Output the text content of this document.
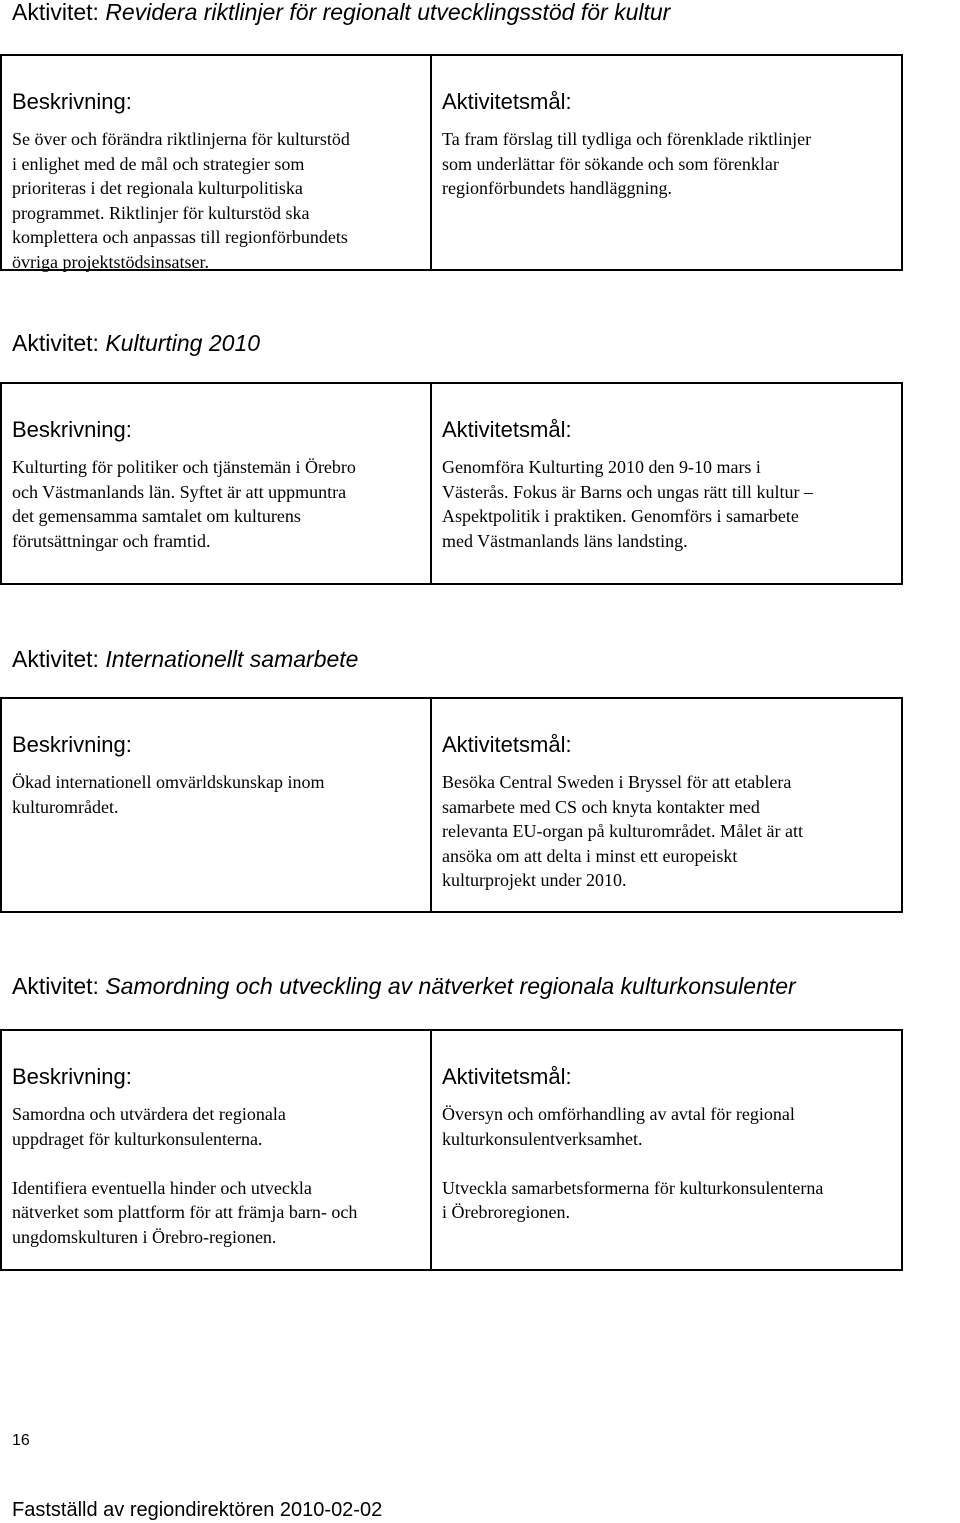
Aktivitet: Revidera riktlinjer för regionalt utvecklingsstöd för kultur
Beskrivning:

Se över och förändra riktlinjerna för kulturstöd
i enlighet med de mål och strategier som
prioriteras i det regionala kulturpolitiska
programmet. Riktlinjer för kulturstöd ska
komplettera och anpassas till regionförbundets
övriga projektstödsinsatser.

Aktivitetsmål:

Ta fram förslag till tydliga och förenklade riktlinjer
som underlättar för sökande och som förenklar
regionförbundets handläggning.

Aktivitet: Kulturting 2010
Beskrivning:

Kulturting för politiker och tjänstemän i Örebro
och Västmanlands län. Syftet är att uppmuntra
det gemensamma samtalet om kulturens
förutsättningar och framtid.

Aktivitetsmål:

Genomföra Kulturting 2010 den 9-10 mars i
Västerås. Fokus är Barns och ungas rätt till kultur –
Aspektpolitik i praktiken. Genomförs i samarbete
med Västmanlands läns landsting.

Aktivitet: Internationellt samarbete
Beskrivning:

Ökad internationell omvärldskunskap inom
kulturområdet.

Aktivitetsmål:

Besöka Central Sweden i Bryssel för att etablera
samarbete med CS och knyta kontakter med
relevanta EU-organ på kulturområdet. Målet är att
ansöka om att delta i minst ett europeiskt
kulturprojekt under 2010.

Aktivitet: Samordning och utveckling av nätverket regionala kulturkonsulenter
Beskrivning:

Samordna och utvärdera det regionala
uppdraget för kulturkonsulenterna.

Identifiera eventuella hinder och utveckla
nätverket som plattform för att främja barn- och
ungdomskulturen i Örebro-regionen.

Aktivitetsmål:

Översyn och omförhandling av avtal för regional
kulturkonsulentverksamhet.

Utveckla samarbetsformerna för kulturkonsulenterna
i Örebroregionen.

16
Fastställd av regiondirektören 2010-02-02
